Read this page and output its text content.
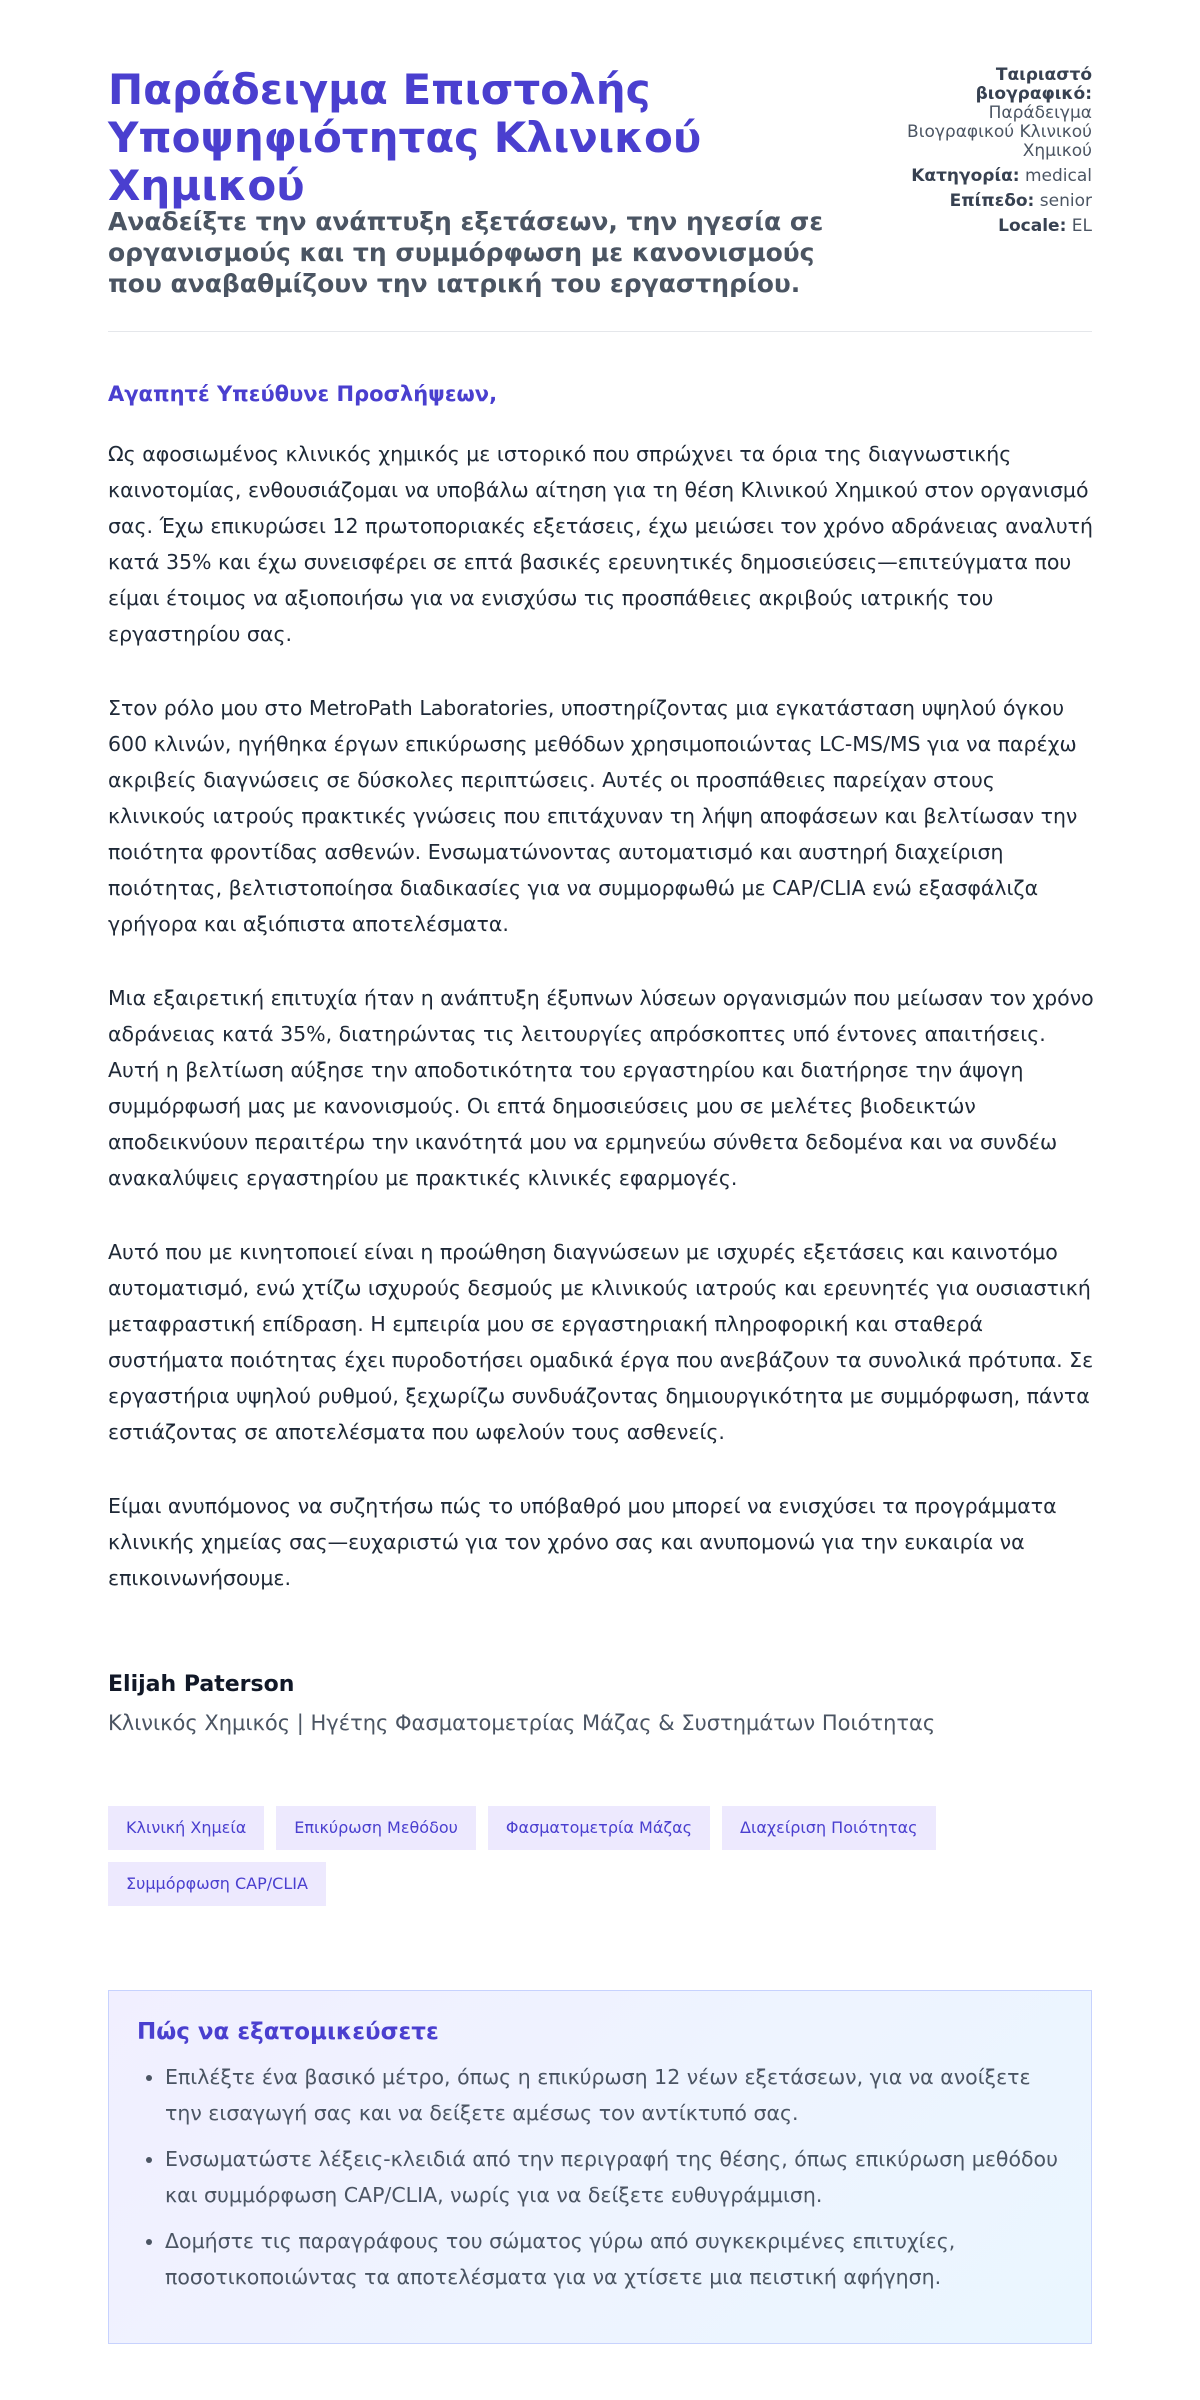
Παράδειγμα Επιστολής Υποψηφιότητας Κλινικού Χημικού
Αναδείξτε την ανάπτυξη εξετάσεων, την ηγεσία σε οργανισμούς και τη συμμόρφωση με κανονισμούς που αναβαθμίζουν την ιατρική του εργαστηρίου.
Ταιριαστό βιογραφικό: Παράδειγμα Βιογραφικού Κλινικού Χημικού
Κατηγορία: medical
Επίπεδο: senior
Locale: EL
Αγαπητέ Υπεύθυνε Προσλήψεων,

Ως αφοσιωμένος κλινικός χημικός με ιστορικό που σπρώχνει τα όρια της διαγνωστικής καινοτομίας, ενθουσιάζομαι να υποβάλω αίτηση για τη θέση Κλινικού Χημικού στον οργανισμό σας. Έχω επικυρώσει 12 πρωτοποριακές εξετάσεις, έχω μειώσει τον χρόνο αδράνειας αναλυτή κατά 35% και έχω συνεισφέρει σε επτά βασικές ερευνητικές δημοσιεύσεις—επιτεύγματα που είμαι έτοιμος να αξιοποιήσω για να ενισχύσω τις προσπάθειες ακριβούς ιατρικής του εργαστηρίου σας.

Στον ρόλο μου στο MetroPath Laboratories, υποστηρίζοντας μια εγκατάσταση υψηλού όγκου 600 κλινών, ηγήθηκα έργων επικύρωσης μεθόδων χρησιμοποιώντας LC-MS/MS για να παρέχω ακριβείς διαγνώσεις σε δύσκολες περιπτώσεις. Αυτές οι προσπάθειες παρείχαν στους κλινικούς ιατρούς πρακτικές γνώσεις που επιτάχυναν τη λήψη αποφάσεων και βελτίωσαν την ποιότητα φροντίδας ασθενών. Ενσωματώνοντας αυτοματισμό και αυστηρή διαχείριση ποιότητας, βελτιστοποίησα διαδικασίες για να συμμορφωθώ με CAP/CLIA ενώ εξασφάλιζα γρήγορα και αξιόπιστα αποτελέσματα.

Μια εξαιρετική επιτυχία ήταν η ανάπτυξη έξυπνων λύσεων οργανισμών που μείωσαν τον χρόνο αδράνειας κατά 35%, διατηρώντας τις λειτουργίες απρόσκοπτες υπό έντονες απαιτήσεις. Αυτή η βελτίωση αύξησε την αποδοτικότητα του εργαστηρίου και διατήρησε την άψογη συμμόρφωσή μας με κανονισμούς. Οι επτά δημοσιεύσεις μου σε μελέτες βιοδεικτών αποδεικνύουν περαιτέρω την ικανότητά μου να ερμηνεύω σύνθετα δεδομένα και να συνδέω ανακαλύψεις εργαστηρίου με πρακτικές κλινικές εφαρμογές.

Αυτό που με κινητοποιεί είναι η προώθηση διαγνώσεων με ισχυρές εξετάσεις και καινοτόμο αυτοματισμό, ενώ χτίζω ισχυρούς δεσμούς με κλινικούς ιατρούς και ερευνητές για ουσιαστική μεταφραστική επίδραση. Η εμπειρία μου σε εργαστηριακή πληροφορική και σταθερά συστήματα ποιότητας έχει πυροδοτήσει ομαδικά έργα που ανεβάζουν τα συνολικά πρότυπα. Σε εργαστήρια υψηλού ρυθμού, ξεχωρίζω συνδυάζοντας δημιουργικότητα με συμμόρφωση, πάντα εστιάζοντας σε αποτελέσματα που ωφελούν τους ασθενείς.

Είμαι ανυπόμονος να συζητήσω πώς το υπόβαθρό μου μπορεί να ενισχύσει τα προγράμματα κλινικής χημείας σας—ευχαριστώ για τον χρόνο σας και ανυπομονώ για την ευκαιρία να επικοινωνήσουμε.

Elijah Paterson
Κλινικός Χημικός | Ηγέτης Φασματομετρίας Μάζας & Συστημάτων Ποιότητας
Κλινική Χημεία	Επικύρωση Μεθόδου	Φασματομετρία Μάζας	Διαχείριση Ποιότητας
Συμμόρφωση CAP/CLIA
Πώς να εξατομικεύσετε
• Επιλέξτε ένα βασικό μέτρο, όπως η επικύρωση 12 νέων εξετάσεων, για να ανοίξετε την εισαγωγή σας και να δείξετε αμέσως τον αντίκτυπό σας.
• Ενσωματώστε λέξεις-κλειδιά από την περιγραφή της θέσης, όπως επικύρωση μεθόδου και συμμόρφωση CAP/CLIA, νωρίς για να δείξετε ευθυγράμμιση.
• Δομήστε τις παραγράφους του σώματος γύρω από συγκεκριμένες επιτυχίες, ποσοτικοποιώντας τα αποτελέσματα για να χτίσετε μια πειστική αφήγηση.
